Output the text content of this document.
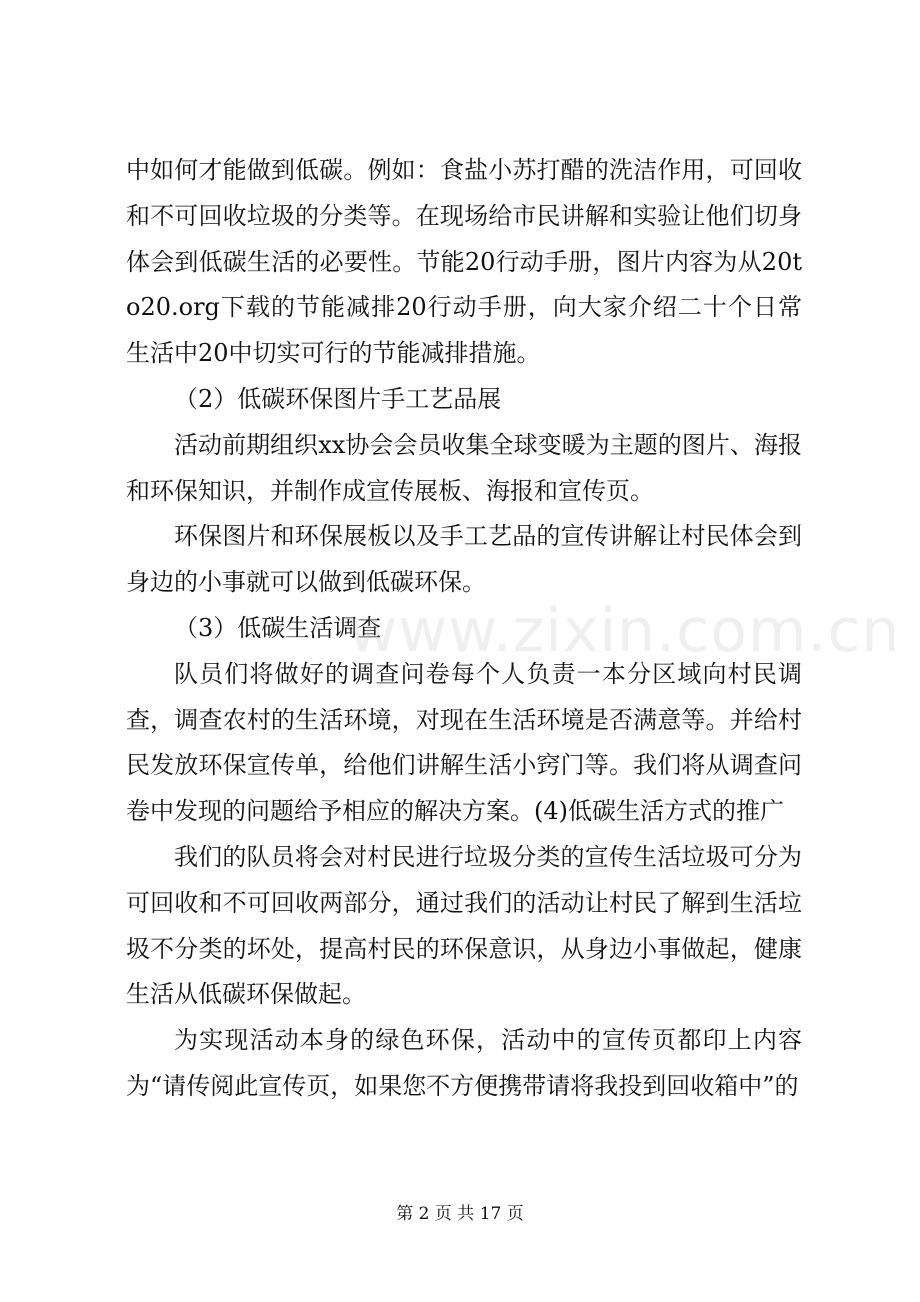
中如何才能做到低碳。例如：食盐小苏打醋的洗洁作用，可回收和不可回收垃圾的分类等。在现场给市民讲解和实验让他们切身体会到低碳生活的必要性。节能20行动手册，图片内容为从20to20.org下载的节能减排20行动手册，向大家介绍二十个日常生活中20中切实可行的节能减排措施。

（2）低碳环保图片手工艺品展

活动前期组织xx协会会员收集全球变暖为主题的图片、海报和环保知识，并制作成宣传展板、海报和宣传页。

环保图片和环保展板以及手工艺品的宣传讲解让村民体会到身边的小事就可以做到低碳环保。

（3）低碳生活调查

队员们将做好的调查问卷每个人负责一本分区域向村民调查，调查农村的生活环境，对现在生活环境是否满意等。并给村民发放环保宣传单，给他们讲解生活小窍门等。我们将从调查问卷中发现的问题给予相应的解决方案。(4)低碳生活方式的推广

我们的队员将会对村民进行垃圾分类的宣传生活垃圾可分为可回收和不可回收两部分，通过我们的活动让村民了解到生活垃圾不分类的坏处，提高村民的环保意识，从身边小事做起，健康生活从低碳环保做起。

为实现活动本身的绿色环保，活动中的宣传页都印上内容为“请传阅此宣传页，如果您不方便携带请将我投到回收箱中”的

www.zixin.com.cn
第 2 页 共 17 页
